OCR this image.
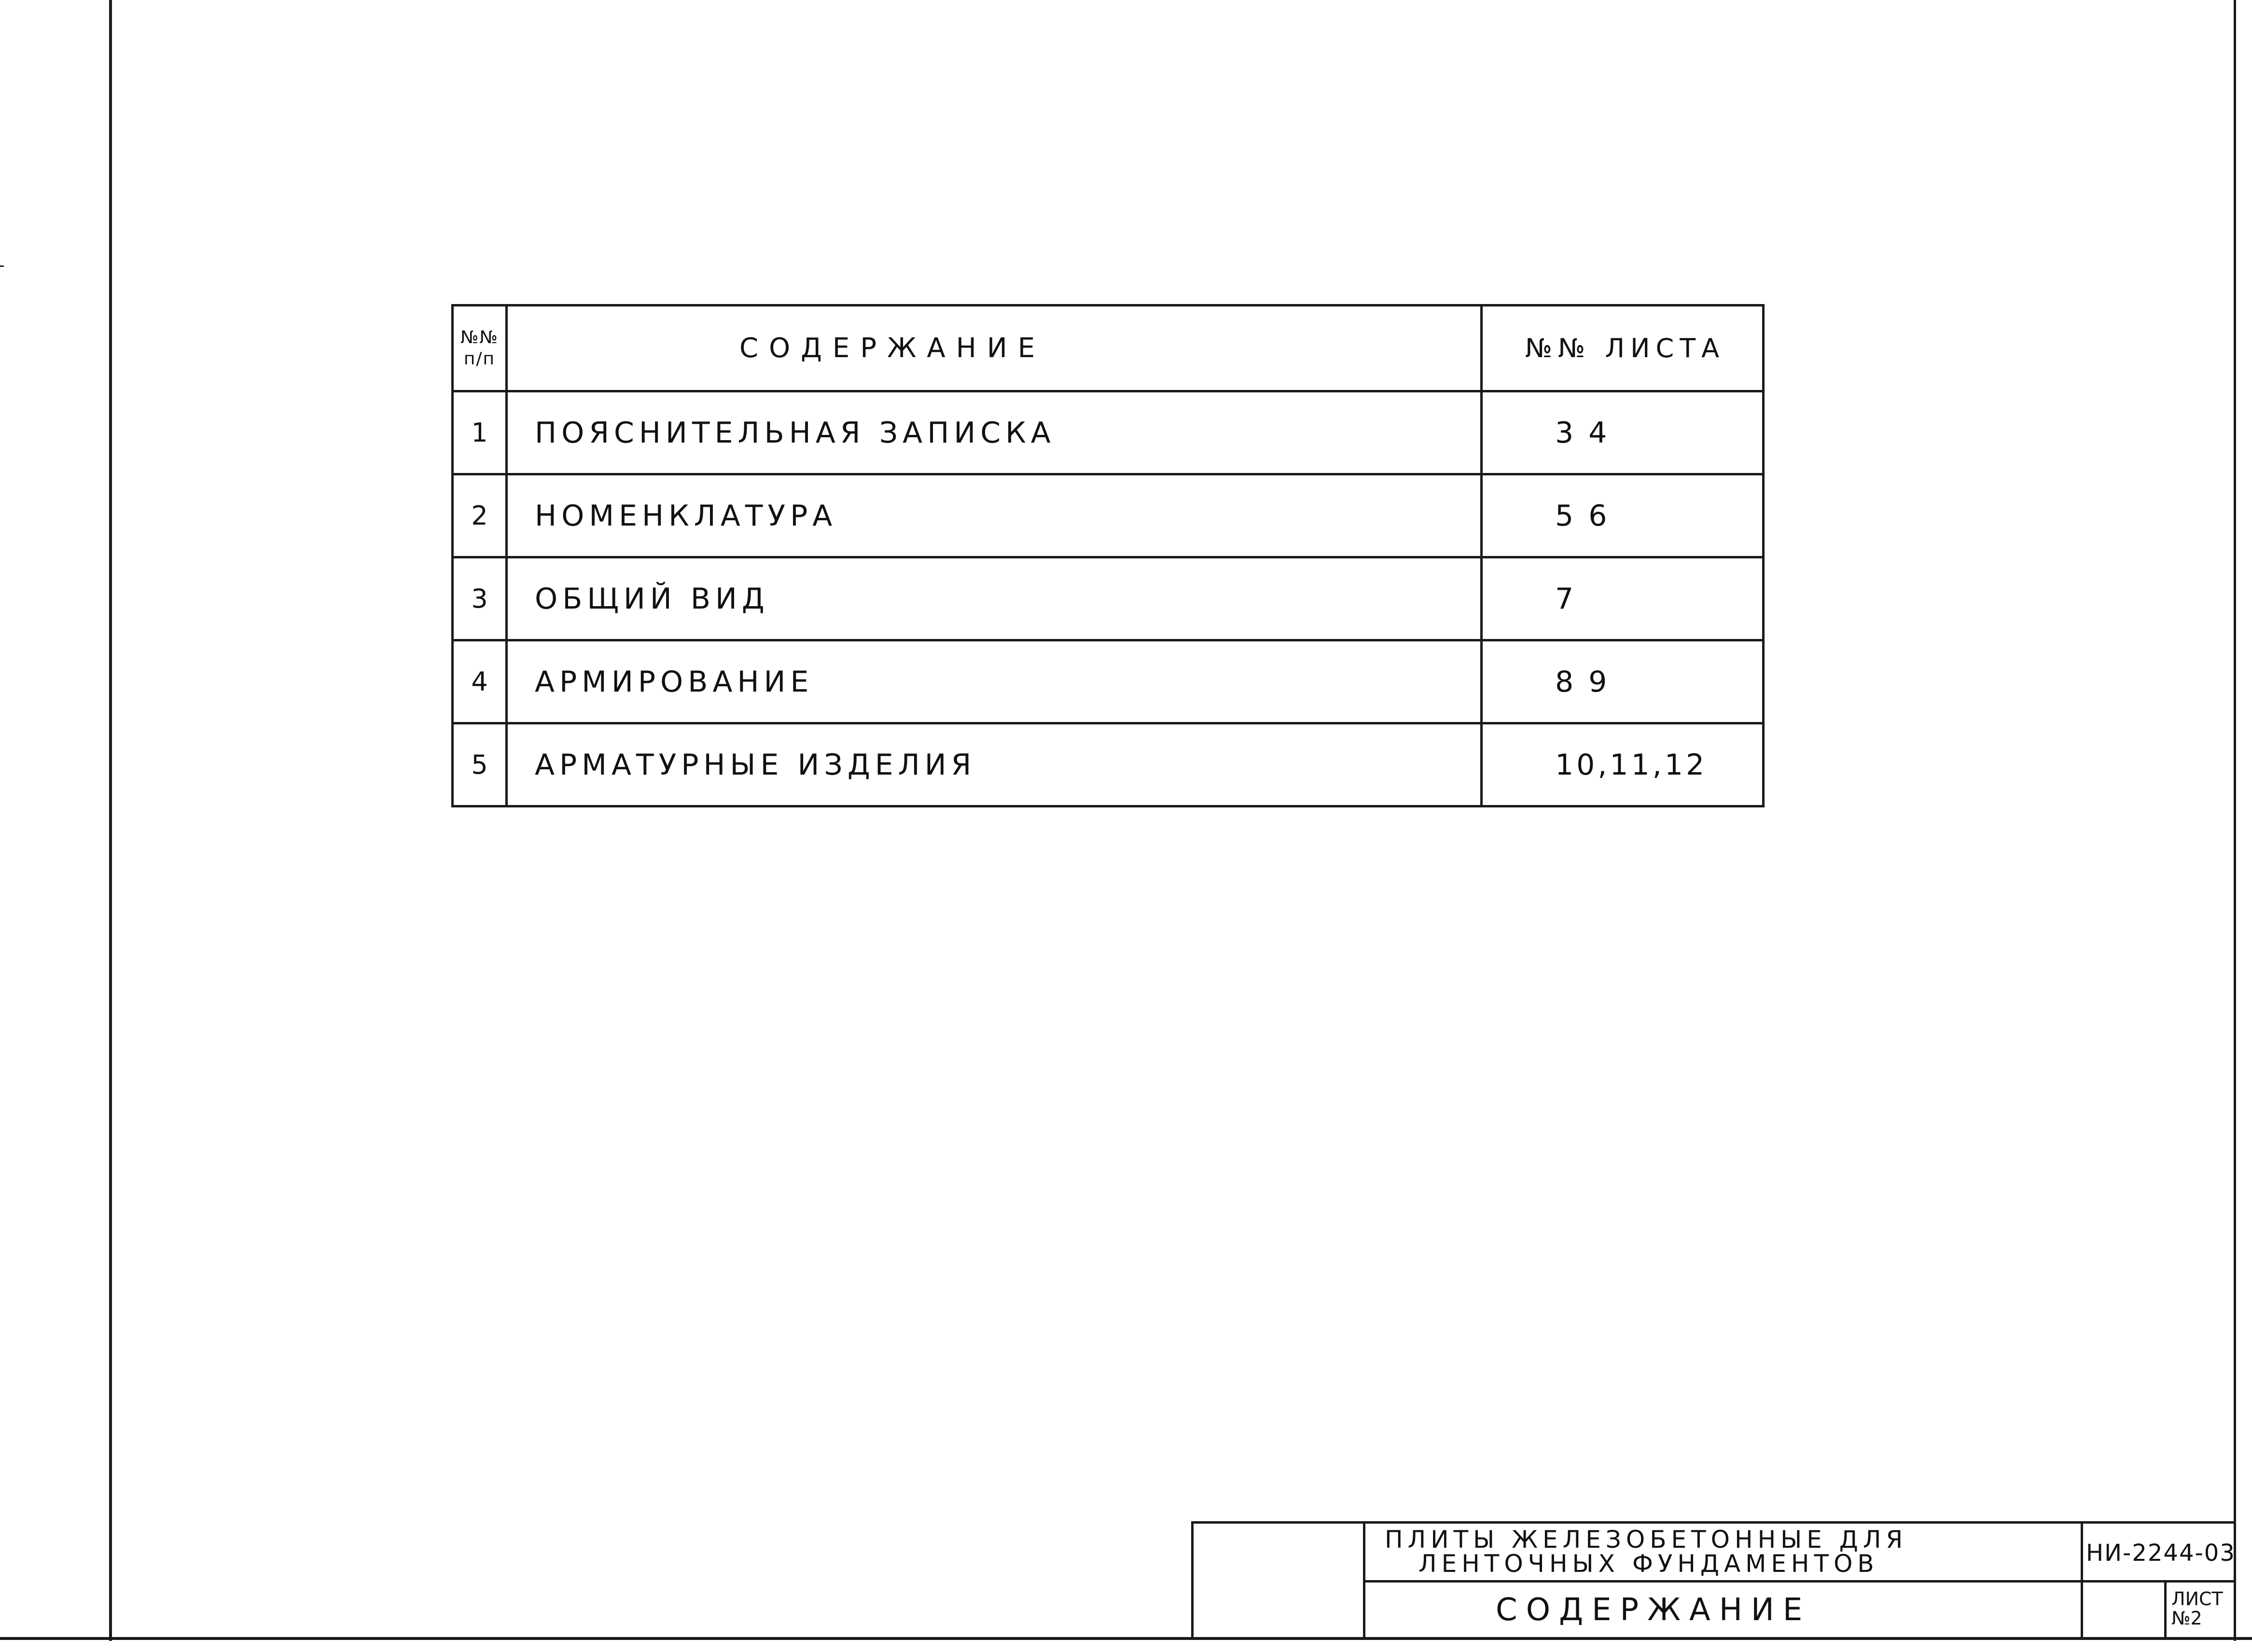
№№
п/п	СОДЕРЖАНИЕ	№№ ЛИСТА
1	ПОЯСНИТЕЛЬНАЯ ЗАПИСКА	3 4
2	НОМЕНКЛАТУРА	5 6
3	ОБЩИЙ ВИД	7
4	АРМИРОВАНИЕ	8 9
5	АРМАТУРНЫЕ ИЗДЕЛИЯ	10,11,12
ПЛИТЫ ЖЕЛЕЗОБЕТОННЫЕ ДЛЯ
ЛЕНТОЧНЫХ ФУНДАМЕНТОВ
СОДЕРЖАНИЕ
НИ-2244-03
ЛИСТ
№2
